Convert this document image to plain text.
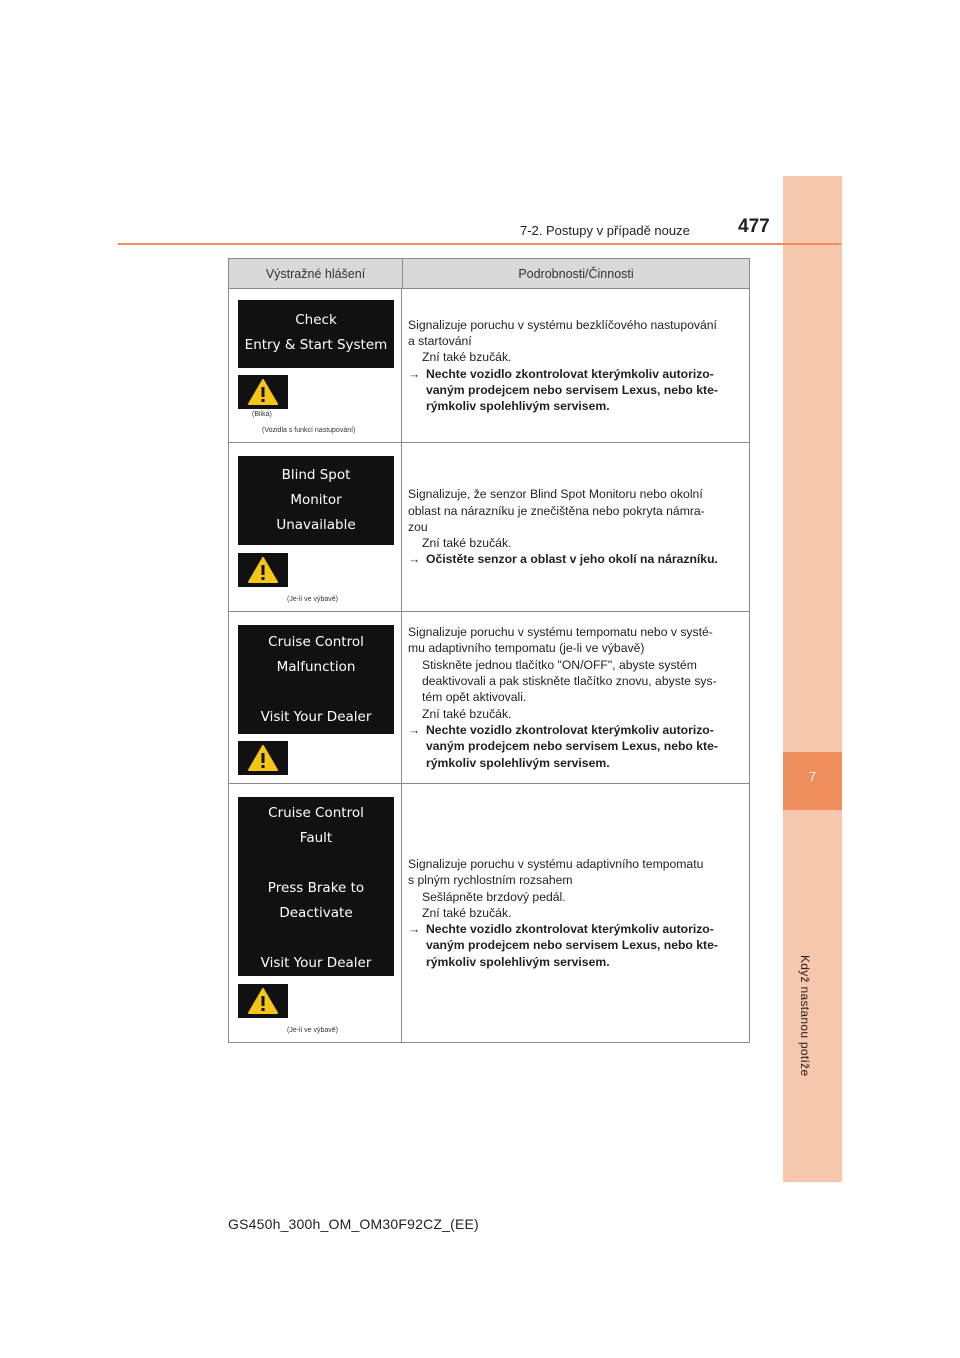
7
Když nastanou potíže
7-2. Postupy v případě nouze	477
Výstražné hlášení	Podrobnosti/Činnosti
Check
Entry & Start System
(Bliká)
(Vozidla s funkcí nastupování)
Signalizuje poruchu v systému bezklíčového nastupování
a startování
Zní také bzučák.
→ Nechte vozidlo zkontrolovat kterýmkoliv autorizo-vaným prodejcem nebo servisem Lexus, nebo kte-rýmkoliv spolehlivým servisem.
Blind Spot
Monitor
Unavailable
(Je-li ve výbavě)
Signalizuje, že senzor Blind Spot Monitoru nebo okolní
oblast na nárazníku je znečištěna nebo pokryta námra-
zou
Zní také bzučák.
→ Očistěte senzor a oblast v jeho okolí na nárazníku.
Cruise Control
Malfunction

Visit Your Dealer
Signalizuje poruchu v systému tempomatu nebo v systé-
mu adaptivního tempomatu (je-li ve výbavě)
Stiskněte jednou tlačítko "ON/OFF", abyste systém
deaktivovali a pak stiskněte tlačítko znovu, abyste sys-
tém opět aktivovali.
Zní také bzučák.
→ Nechte vozidlo zkontrolovat kterýmkoliv autorizo-vaným prodejcem nebo servisem Lexus, nebo kte-rýmkoliv spolehlivým servisem.
Cruise Control
Fault

Press Brake to
Deactivate

Visit Your Dealer
(Je-li ve výbavě)
Signalizuje poruchu v systému adaptivního tempomatu
s plným rychlostním rozsahem
Sešlápněte brzdový pedál.
Zní také bzučák.
→ Nechte vozidlo zkontrolovat kterýmkoliv autorizo-vaným prodejcem nebo servisem Lexus, nebo kte-rýmkoliv spolehlivým servisem.
GS450h_300h_OM_OM30F92CZ_(EE)
